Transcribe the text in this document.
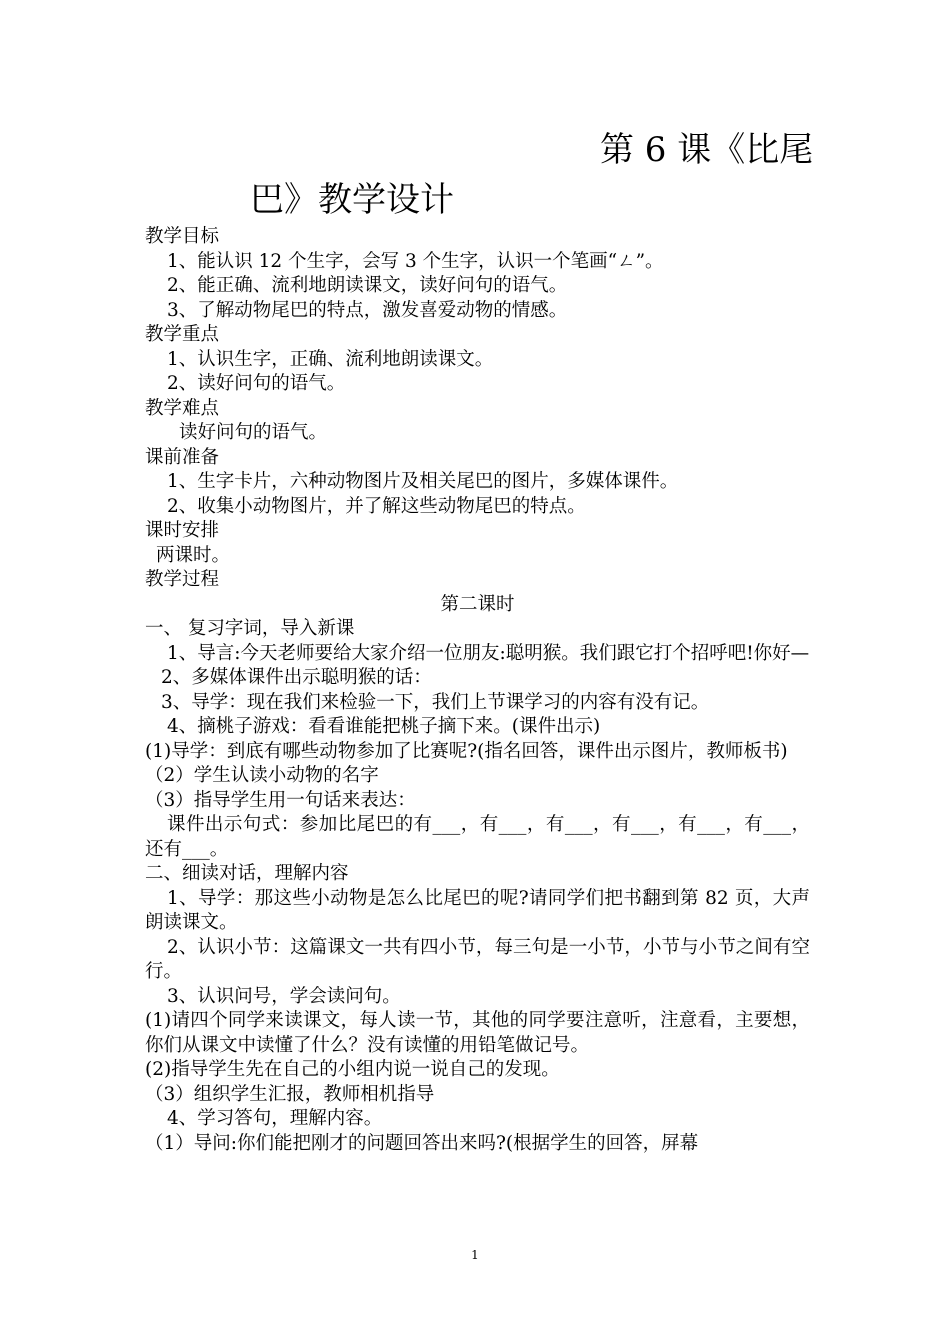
第 6 课《比尾
巴》教学设计
教学目标
1、能认识 12 个生字，会写 3 个生字，认识一个笔画“ㄥ”。
2、能正确、流利地朗读课文，读好问句的语气。
3、了解动物尾巴的特点，激发喜爱动物的情感。
教学重点
1、认识生字，正确、流利地朗读课文。
2、读好问句的语气。
教学难点
读好问句的语气。
课前准备
1、生字卡片，六种动物图片及相关尾巴的图片，多媒体课件。
2、收集小动物图片，并了解这些动物尾巴的特点。
课时安排
两课时。
教学过程
第二课时
一、 复习字词，导入新课
1、导言:今天老师要给大家介绍一位朋友:聪明猴。我们跟它打个招呼吧!你好—
2、多媒体课件出示聪明猴的话：
3、导学：现在我们来检验一下，我们上节课学习的内容有没有记。
4、摘桃子游戏：看看谁能把桃子摘下来。(课件出示)
(1)导学：到底有哪些动物参加了比赛呢?(指名回答，课件出示图片，教师板书)
（2）学生认读小动物的名字
（3）指导学生用一句话来表达：
课件出示句式：参加比尾巴的有___，有___，有___，有___，有___，有___，还有___。
二、细读对话，理解内容
1、导学：那这些小动物是怎么比尾巴的呢?请同学们把书翻到第 82 页，大声朗读课文。
2、认识小节：这篇课文一共有四小节，每三句是一小节，小节与小节之间有空行。
3、认识问号，学会读问句。
(1)请四个同学来读课文，每人读一节，其他的同学要注意听，注意看，主要想，你们从课文中读懂了什么？没有读懂的用铅笔做记号。
(2)指导学生先在自己的小组内说一说自己的发现。
（3）组织学生汇报，教师相机指导
4、学习答句，理解内容。
（1）导问:你们能把刚才的问题回答出来吗?(根据学生的回答，屏幕
1
